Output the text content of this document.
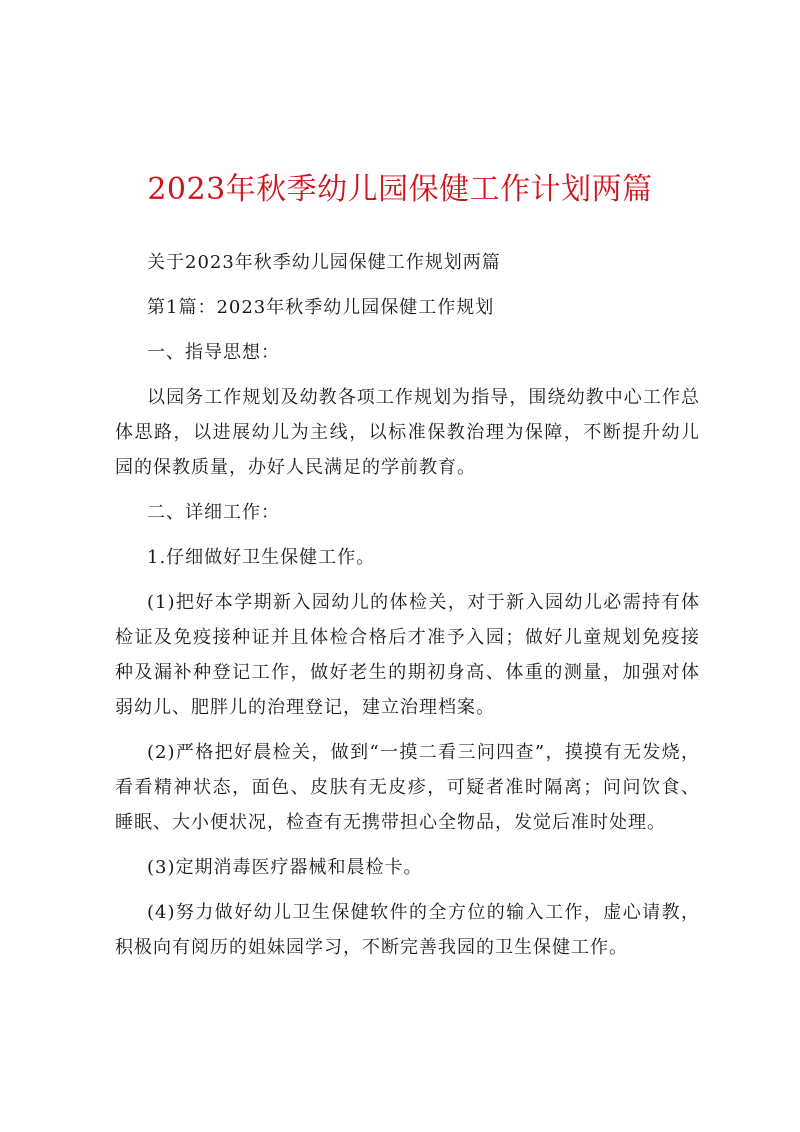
2023年秋季幼儿园保健工作计划两篇

关于2023年秋季幼儿园保健工作规划两篇

第1篇：2023年秋季幼儿园保健工作规划

一、指导思想：

以园务工作规划及幼教各项工作规划为指导，围绕幼教中心工作总体思路，以进展幼儿为主线，以标准保教治理为保障，不断提升幼儿园的保教质量，办好人民满足的学前教育。

二、详细工作：

1.仔细做好卫生保健工作。

(1)把好本学期新入园幼儿的体检关，对于新入园幼儿必需持有体检证及免疫接种证并且体检合格后才准予入园；做好儿童规划免疫接种及漏补种登记工作，做好老生的期初身高、体重的测量，加强对体弱幼儿、肥胖儿的治理登记，建立治理档案。

(2)严格把好晨检关，做到“一摸二看三问四查”，摸摸有无发烧，看看精神状态，面色、皮肤有无皮疹，可疑者准时隔离；问问饮食、睡眠、大小便状况，检查有无携带担心全物品，发觉后准时处理。

(3)定期消毒医疗器械和晨检卡。

(4)努力做好幼儿卫生保健软件的全方位的输入工作，虚心请教，积极向有阅历的姐妹园学习，不断完善我园的卫生保健工作。
